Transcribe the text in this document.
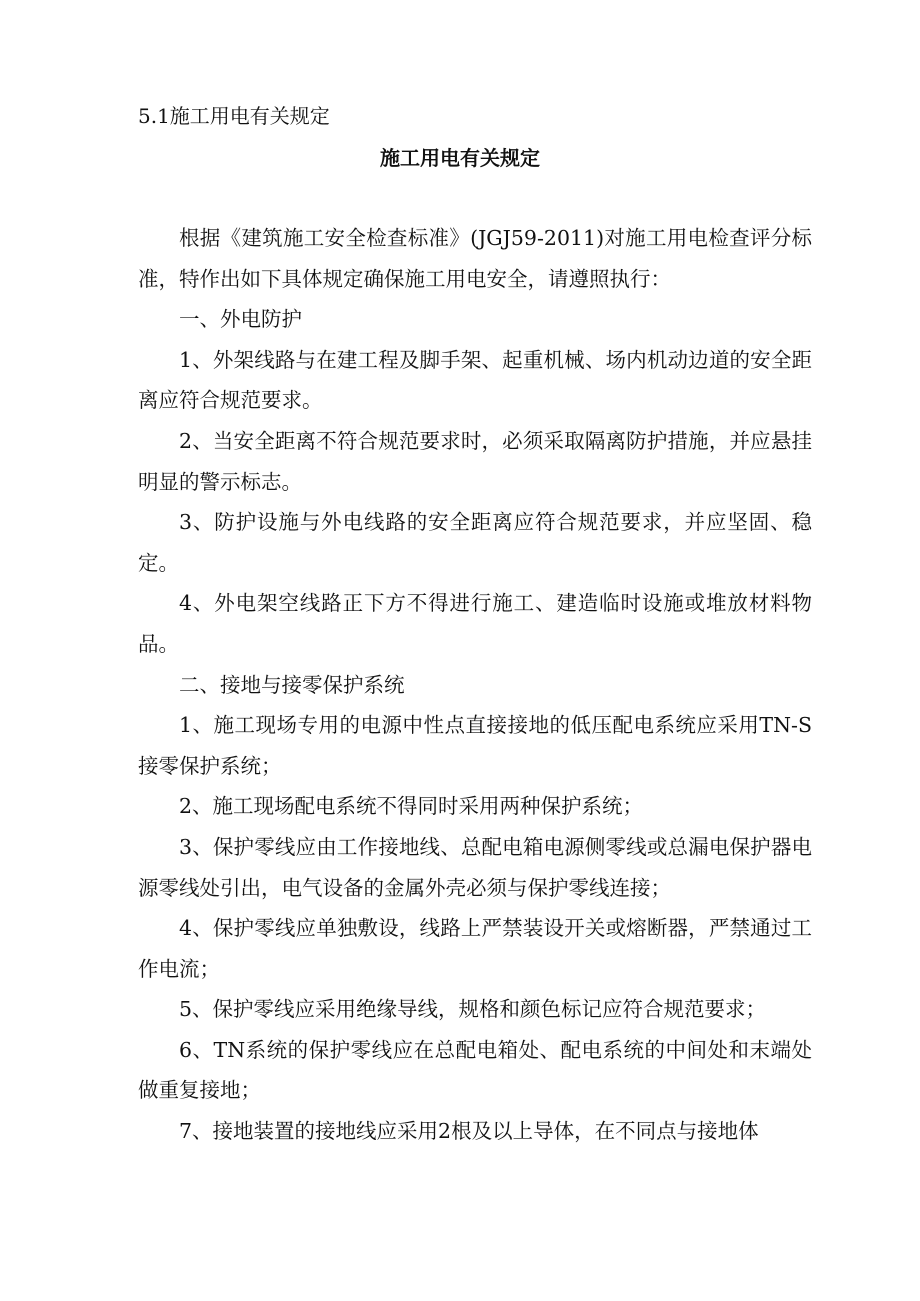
5.1施工用电有关规定
施工用电有关规定

根据《建筑施工安全检查标准》(JGJ59-2011)对施工用电检查评分标准，特作出如下具体规定确保施工用电安全，请遵照执行：

一、外电防护

1、外架线路与在建工程及脚手架、起重机械、场内机动边道的安全距离应符合规范要求。

2、当安全距离不符合规范要求时，必须采取隔离防护措施，并应悬挂明显的警示标志。

3、防护设施与外电线路的安全距离应符合规范要求，并应坚固、稳定。

4、外电架空线路正下方不得进行施工、建造临时设施或堆放材料物品。

二、接地与接零保护系统

1、施工现场专用的电源中性点直接接地的低压配电系统应采用TN-S接零保护系统；

2、施工现场配电系统不得同时采用两种保护系统；

3、保护零线应由工作接地线、总配电箱电源侧零线或总漏电保护器电源零线处引出，电气设备的金属外壳必须与保护零线连接；

4、保护零线应单独敷设，线路上严禁装设开关或熔断器，严禁通过工作电流；

5、保护零线应采用绝缘导线，规格和颜色标记应符合规范要求；

6、TN系统的保护零线应在总配电箱处、配电系统的中间处和末端处做重复接地；

7、接地装置的接地线应采用2根及以上导体，在不同点与接地体
